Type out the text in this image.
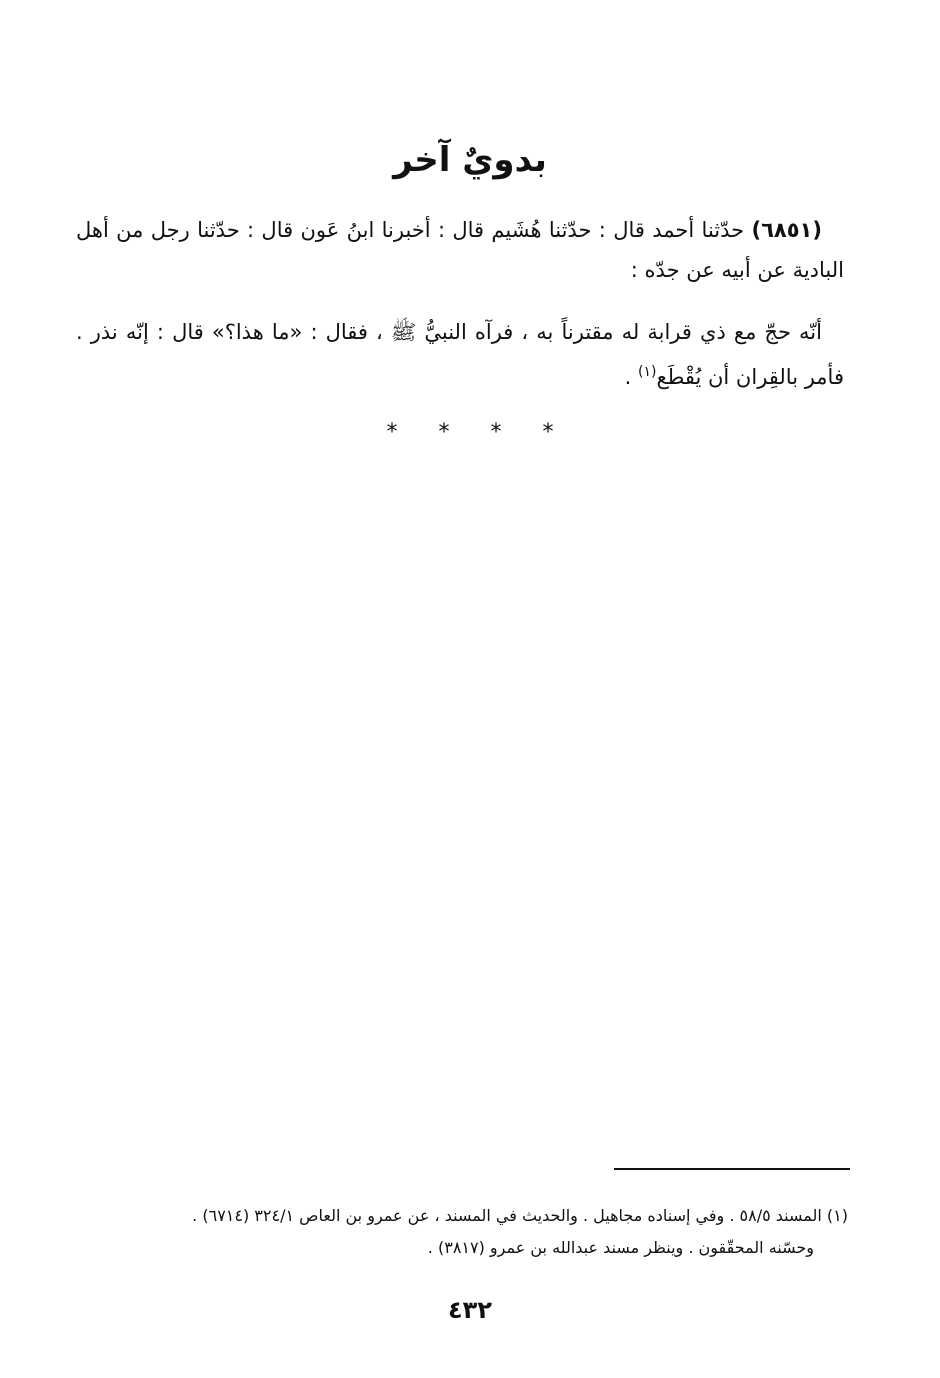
بدويٌ آخر

(٦٨٥١) حدّثنا أحمد قال : حدّثنا هُشَيم قال : أخبرنا ابنُ عَون قال : حدّثنا رجل من أهل البادية عن أبيه عن جدّه :

أنّه حجّ مع ذي قرابة له مقترناً به ، فرآه النبيُّ ﷺ ، فقال : «ما هذا؟» قال : إنّه نذر . فأمر بالقِران أن يُقْطَع$^{(١)}$ .

* * * *
(١) المسند ٥٨/٥ . وفي إسناده مجاهيل . والحديث في المسند ، عن عمرو بن العاص ٣٢٤/١ (٦٧١٤) .
وحسّنه المحقّقون . وينظر مسند عبدالله بن عمرو (٣٨١٧) .
٤٣٢
